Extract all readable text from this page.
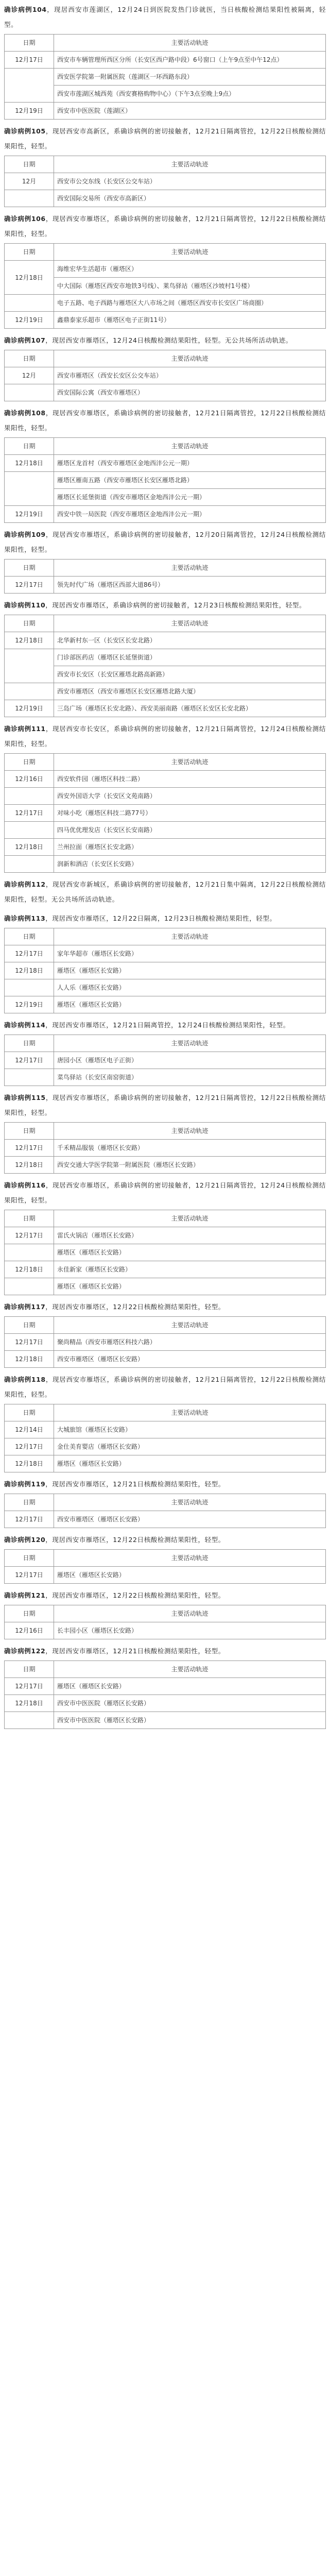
确诊病例104，现居西安市莲湖区，12月24日到医院发热门诊就医，当日核酸检测结果阳性被隔离，轻型。

日期	主要活动轨迹
12月17日	西安市车辆管理所西区分所（长安区西户路中段）6号窗口（上午9点至中午12点）
	西安医学院第一附属医院（莲湖区一环西路东段）
	西安市莲湖区城西苑（西安赛格购物中心）（下午3点至晚上9点）
12月19日	西安市中医医院（莲湖区）

确诊病例105，现居西安市高新区，系确诊病例的密切接触者，12月21日隔离管控，12月22日核酸检测结果阳性，轻型。

日期	主要活动轨迹
12月	西安市公交东线（长安区公交车站）
	西安国际交易所（西安市高新区）

确诊病例106，现居西安市雁塔区，系确诊病例的密切接触者，12月21日隔离管控，12月22日核酸检测结果阳性，轻型。

日期	主要活动轨迹
12月18日	海维宏华生活超市（雁塔区）
	中大国际（雁塔区西安市地铁3号线）、莱鸟驿站（雁塔区沙坡村1号楼）
	电子五路、电子西路与雁塔区大八市场之间（雁塔区西安市长安区广场商圈）
12月19日	鑫鼎泰家乐超市（雁塔区电子正街11号）

确诊病例107，现居西安市雁塔区，12月24日核酸检测结果阳性，轻型。无公共场所活动轨迹。

日期	主要活动轨迹
12月	西安市雁塔区（西安长安区公交车站）
	西安国际公寓（西安市雁塔区）

确诊病例108，现居西安市雁塔区，系确诊病例的密切接触者，12月21日隔离管控，12月22日核酸检测结果阳性，轻型。

日期	主要活动轨迹
12月18日	雁塔区龙首村（西安市雁塔区金地西沣公元一期）
	雁塔区雁南五路（西安市雁塔区长安区雁塔北路）
	雁塔区长延堡街道（西安市雁塔区金地西沣公元一期）
12月19日	西安中铁一局医院（西安市雁塔区金地西沣公元一期）

确诊病例109，现居西安市雁塔区，系确诊病例的密切接触者，12月20日隔离管控，12月24日核酸检测结果阳性，轻型。

日期	主要活动轨迹
12月17日	领先时代广场（雁塔区西部大道86号）

确诊病例110，现居西安市雁塔区，系确诊病例的密切接触者，12月23日核酸检测结果阳性，轻型。

日期	主要活动轨迹
12月18日	北华新村东一区（长安区长安北路）
	门诊部医药店（雁塔区长延堡街道）
	西安市长安区（长安区雁塔北路高新路）
	西安市雁塔区（西安市雁塔区长安区雁塔北路大厦）
12月19日	三岛广场（雁塔区长安北路）、西安美丽南路（雁塔区长安区长安北路）

确诊病例111，现居西安市长安区，系确诊病例的密切接触者，12月21日隔离管控，12月24日核酸检测结果阳性，轻型。

日期	主要活动轨迹
12月16日	西安软件园（雁塔区科技二路）
	西安外国语大学（长安区文苑南路）
12月17日	对味小吃（雁塔区科技二路77号）
	四马优优理发店（长安区长安南路）
12月18日	兰州拉面（雁塔区长安北路）
	润新和酒店（长安区长安路）

确诊病例112，现居西安市新城区，系确诊病例的密切接触者，12月21日集中隔离，12月22日核酸检测结果阳性，轻型。无公共场所活动轨迹。

确诊病例113，现居西安市雁塔区，12月22日隔离，12月23日核酸检测结果阳性，轻型。

日期	主要活动轨迹
12月17日	家年华超市（雁塔区长安路）
12月18日	雁塔区（雁塔区长安路）
	人人乐（雁塔区长安路）
12月19日	雁塔区（雁塔区长安路）

确诊病例114，现居西安市雁塔区，12月21日隔离管控，12月24日核酸检测结果阳性，轻型。

日期	主要活动轨迹
12月17日	唐园小区（雁塔区电子正街）
	菜鸟驿站（长安区南窑街道）

确诊病例115，现居西安市雁塔区，系确诊病例的密切接触者，12月21日隔离管控，12月22日核酸检测结果阳性，轻型。

日期	主要活动轨迹
12月17日	千禾精品服装（雁塔区长安路）
12月18日	西安交通大学医学院第一附属医院（雁塔区长安路）

确诊病例116，现居西安市雁塔区，系确诊病例的密切接触者，12月21日隔离管控，12月24日核酸检测结果阳性，轻型。

日期	主要活动轨迹
12月17日	雷氏火锅店（雁塔区长安路）
	雁塔区（雁塔区长安路）
12月18日	永佳新家（雁塔区长安路）
	雁塔区（雁塔区长安路）

确诊病例117，现居西安市雁塔区，12月22日核酸检测结果阳性，轻型。

日期	主要活动轨迹
12月17日	聚尚精品（西安市雁塔区科技六路）
12月18日	西安市雁塔区（雁塔区长安路）

确诊病例118，现居西安市雁塔区，系确诊病例的密切接触者，12月21日隔离管控，12月22日核酸检测结果阳性，轻型。

日期	主要活动轨迹
12月14日	大城旅馆（雁塔区长安路）
12月17日	金仕美育婴店（雁塔区长安路）
12月18日	雁塔区（雁塔区长安路）

确诊病例119，现居西安市雁塔区，12月21日核酸检测结果阳性，轻型。

日期	主要活动轨迹
12月17日	西安市雁塔区（雁塔区长安路）

确诊病例120，现居西安市雁塔区，12月22日核酸检测结果阳性，轻型。

日期	主要活动轨迹
12月17日	雁塔区（雁塔区长安路）

确诊病例121，现居西安市雁塔区，12月22日核酸检测结果阳性，轻型。

日期	主要活动轨迹
12月16日	长丰园小区（雁塔区长安路）

确诊病例122，现居西安市雁塔区，12月21日核酸检测结果阳性，轻型。

日期	主要活动轨迹
12月17日	雁塔区（雁塔区长安路）
12月18日	西安市中医医院（雁塔区长安路）
	西安市中医医院（雁塔区长安路）
